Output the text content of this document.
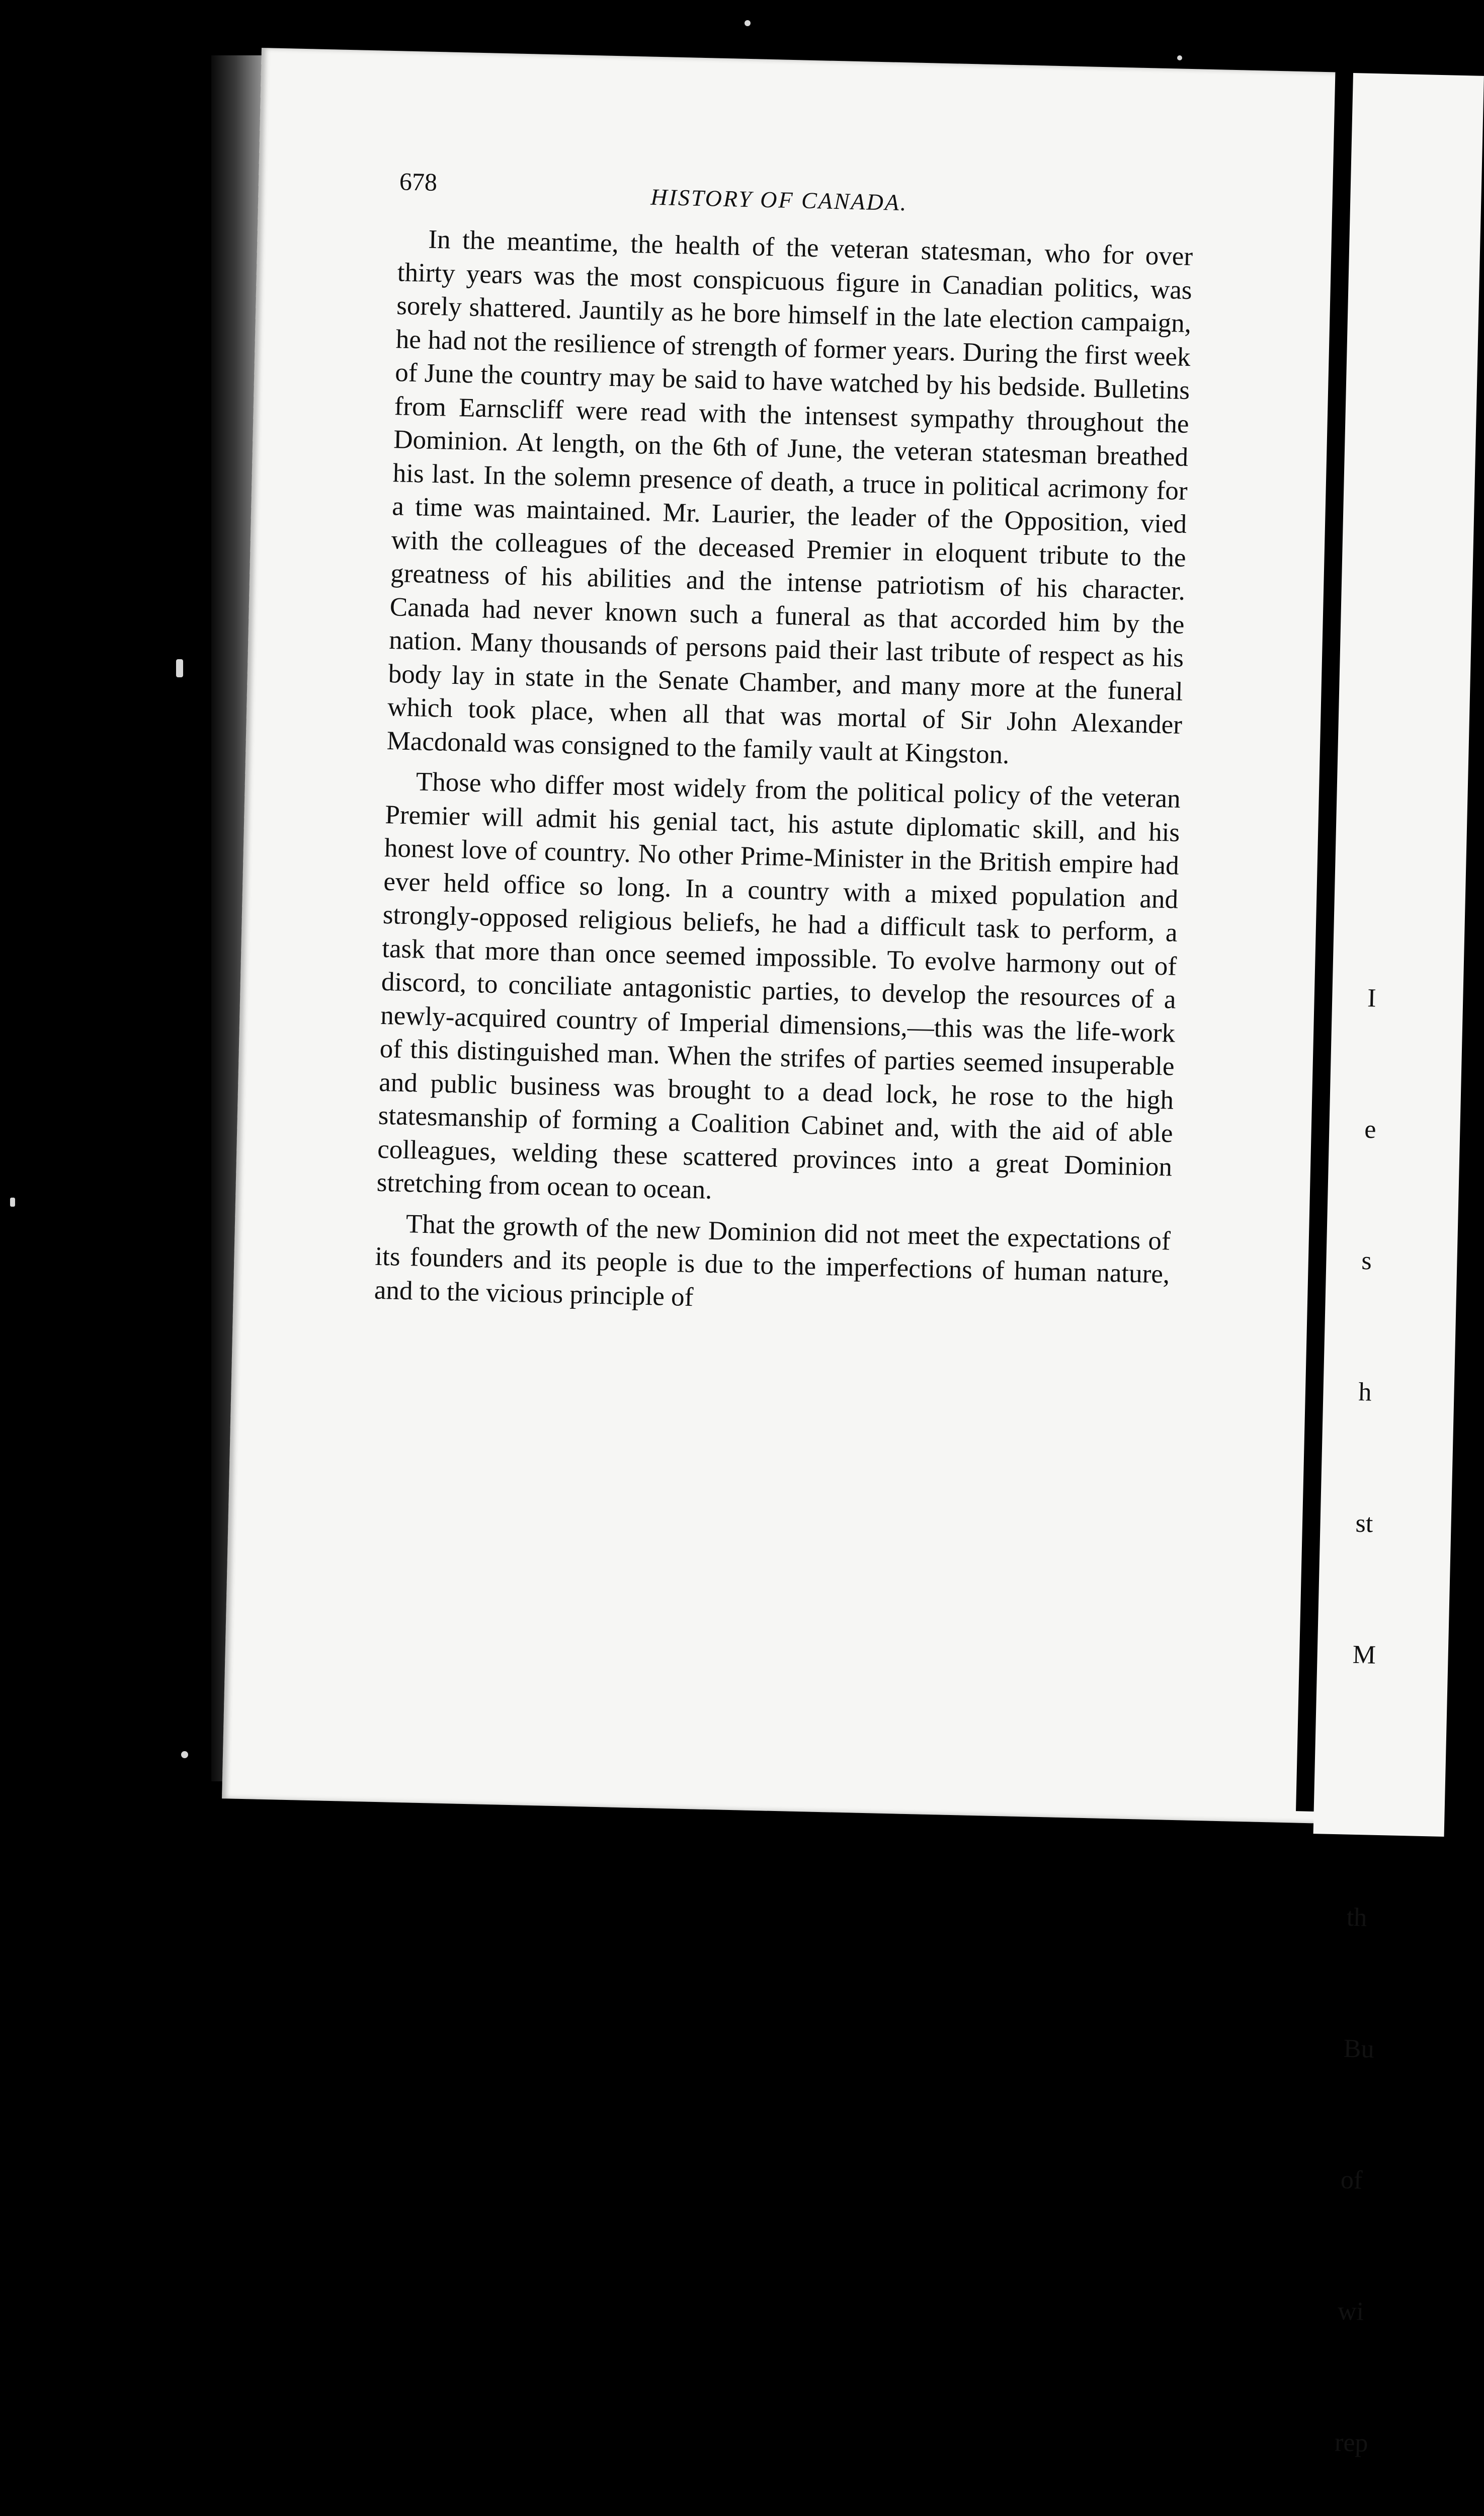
678
HISTORY OF CANADA.

In the meantime, the health of the veteran statesman, who for over thirty years was the most conspicuous figure in Canadian politics, was sorely shattered. Jauntily as he bore himself in the late election campaign, he had not the resilience of strength of former years. During the first week of June the country may be said to have watched by his bedside. Bulletins from Earnscliff were read with the intensest sympathy throughout the Dominion. At length, on the 6th of June, the veteran statesman breathed his last. In the solemn presence of death, a truce in political acrimony for a time was maintained. Mr. Laurier, the leader of the Opposition, vied with the colleagues of the deceased Premier in eloquent tribute to the greatness of his abilities and the intense patriotism of his character. Canada had never known such a funeral as that accorded him by the nation. Many thousands of persons paid their last tribute of respect as his body lay in state in the Senate Chamber, and many more at the funeral which took place, when all that was mortal of Sir John Alexander Macdonald was consigned to the family vault at Kingston.

Those who differ most widely from the political policy of the veteran Premier will admit his genial tact, his astute diplomatic skill, and his honest love of country. No other Prime-Minister in the British empire had ever held office so long. In a country with a mixed population and strongly-opposed religious beliefs, he had a difficult task to perform, a task that more than once seemed impossible. To evolve harmony out of discord, to conciliate antagonistic parties, to develop the resources of a newly-acquired country of Imperial dimensions,—this was the life-work of this distinguished man. When the strifes of parties seemed insuperable and public business was brought to a dead lock, he rose to the high statesmanship of forming a Coalition Cabinet and, with the aid of able colleagues, welding these scattered provinces into a great Dominion stretching from ocean to ocean.

That the growth of the new Dominion did not meet the expectations of its founders and its people is due to the imperfections of human nature, and to the vicious principle of

I

e

s

h

st

M

th

Bu

of

wi

rep
